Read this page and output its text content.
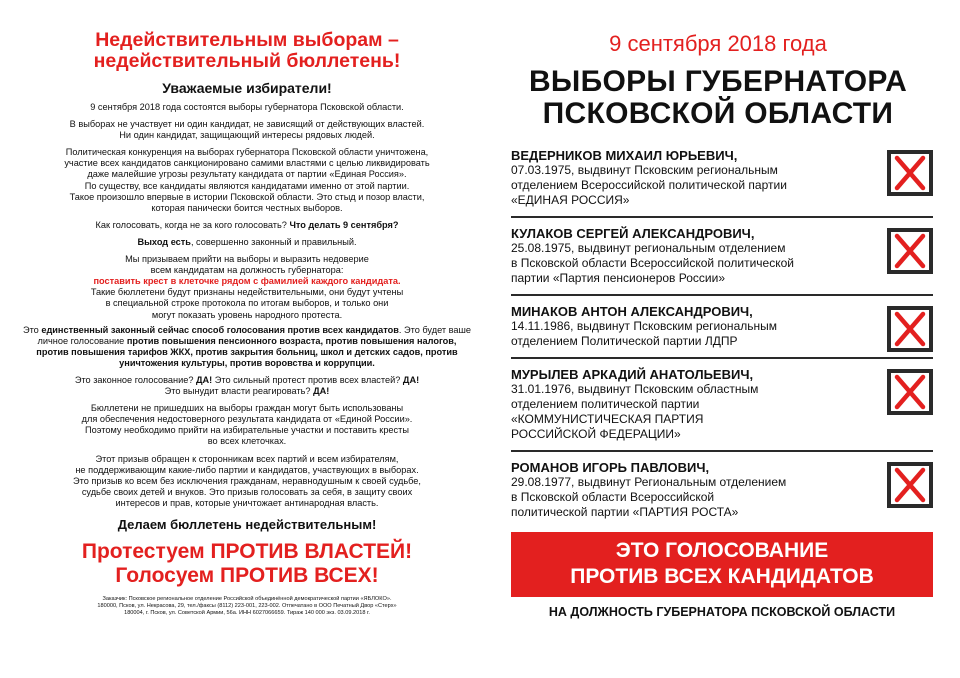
Недействительным выборам –
недействительный бюллетень!
Уважаемые избиратели!

9 сентября 2018 года состоятся выборы губернатора Псковской области.

В выборах не участвует ни один кандидат, не зависящий от действующих властей.
Ни один кандидат, защищающий интересы рядовых людей.

Политическая конкуренция на выборах губернатора Псковской области уничтожена,
участие всех кандидатов санкционировано самими властями с целью ликвидировать
даже малейшие угрозы результату кандидата от партии «Единая Россия».
По существу, все кандидаты являются кандидатами именно от этой партии.
Такое произошло впервые в истории Псковской области. Это стыд и позор власти,
которая панически боится честных выборов.

Как голосовать, когда не за кого голосовать? Что делать 9 сентября?

Выход есть, совершенно законный и правильный.

Мы призываем прийти на выборы и выразить недоверие
всем кандидатам на должность губернатора:
поставить крест в клеточке рядом с фамилией каждого кандидата.
Такие бюллетени будут признаны недействительными, они будут учтены
в специальной строке протокола по итогам выборов, и только они
могут показать уровень народного протеста.

Это единственный законный сейчас способ голосования против всех кандидатов. Это будет ваше личное голосование против повышения пенсионного возраста, против повышения налогов, против повышения тарифов ЖКХ, против закрытия больниц, школ и детских садов, против уничтожения культуры, против воровства и коррупции.

Это законное голосование? ДА! Это сильный протест против всех властей? ДА!
Это вынудит власти реагировать? ДА!

Бюллетени не пришедших на выборы граждан могут быть использованы
для обеспечения недостоверного результата кандидата от «Единой России».
Поэтому необходимо прийти на избирательные участки и поставить кресты
во всех клеточках.

Этот призыв обращен к сторонникам всех партий и всем избирателям,
не поддерживающим какие-либо партии и кандидатов, участвующих в выборах.
Это призыв ко всем без исключения гражданам, неравнодушным к своей судьбе,
судьбе своих детей и внуков. Это призыв голосовать за себя, в защиту своих
интересов и прав, которые уничтожает антинародная власть.

Делаем бюллетень недействительным!
Протестуем ПРОТИВ ВЛАСТЕЙ!
Голосуем ПРОТИВ ВСЕХ!
Заказчик: Псковское региональное отделение Российской объединённой демократической партии «ЯБЛОКО».
180000, Псков, ул. Некрасова, 29, тел./факсы (8112) 223-001, 223-002. Отпечатано в ООО Печатный Двор «Стерх»
180004, г. Псков, ул. Советской Армии, 56а. ИНН 6027066659. Тираж 140 000 экз. 03.09.2018 г.
9 сентября 2018 года
ВЫБОРЫ ГУБЕРНАТОРА
ПСКОВСКОЙ ОБЛАСТИ
ВЕДЕРНИКОВ МИХАИЛ ЮРЬЕВИЧ,
07.03.1975, выдвинут Псковским региональным
отделением Всероссийской политической партии
«ЕДИНАЯ РОССИЯ»
КУЛАКОВ СЕРГЕЙ АЛЕКСАНДРОВИЧ,
25.08.1975, выдвинут региональным отделением
в Псковской области Всероссийской политической
партии «Партия пенсионеров России»
МИНАКОВ АНТОН АЛЕКСАНДРОВИЧ,
14.11.1986, выдвинут Псковским региональным
отделением Политической партии ЛДПР
МУРЫЛЕВ АРКАДИЙ АНАТОЛЬЕВИЧ,
31.01.1976, выдвинут Псковским областным
отделением политической партии
«КОММУНИСТИЧЕСКАЯ ПАРТИЯ
РОССИЙСКОЙ ФЕДЕРАЦИИ»
РОМАНОВ ИГОРЬ ПАВЛОВИЧ,
29.08.1977, выдвинут Региональным отделением
в Псковской области Всероссийской
политической партии «ПАРТИЯ РОСТА»
ЭТО ГОЛОСОВАНИЕ
ПРОТИВ ВСЕХ КАНДИДАТОВ
НА ДОЛЖНОСТЬ ГУБЕРНАТОРА ПСКОВСКОЙ ОБЛАСТИ
